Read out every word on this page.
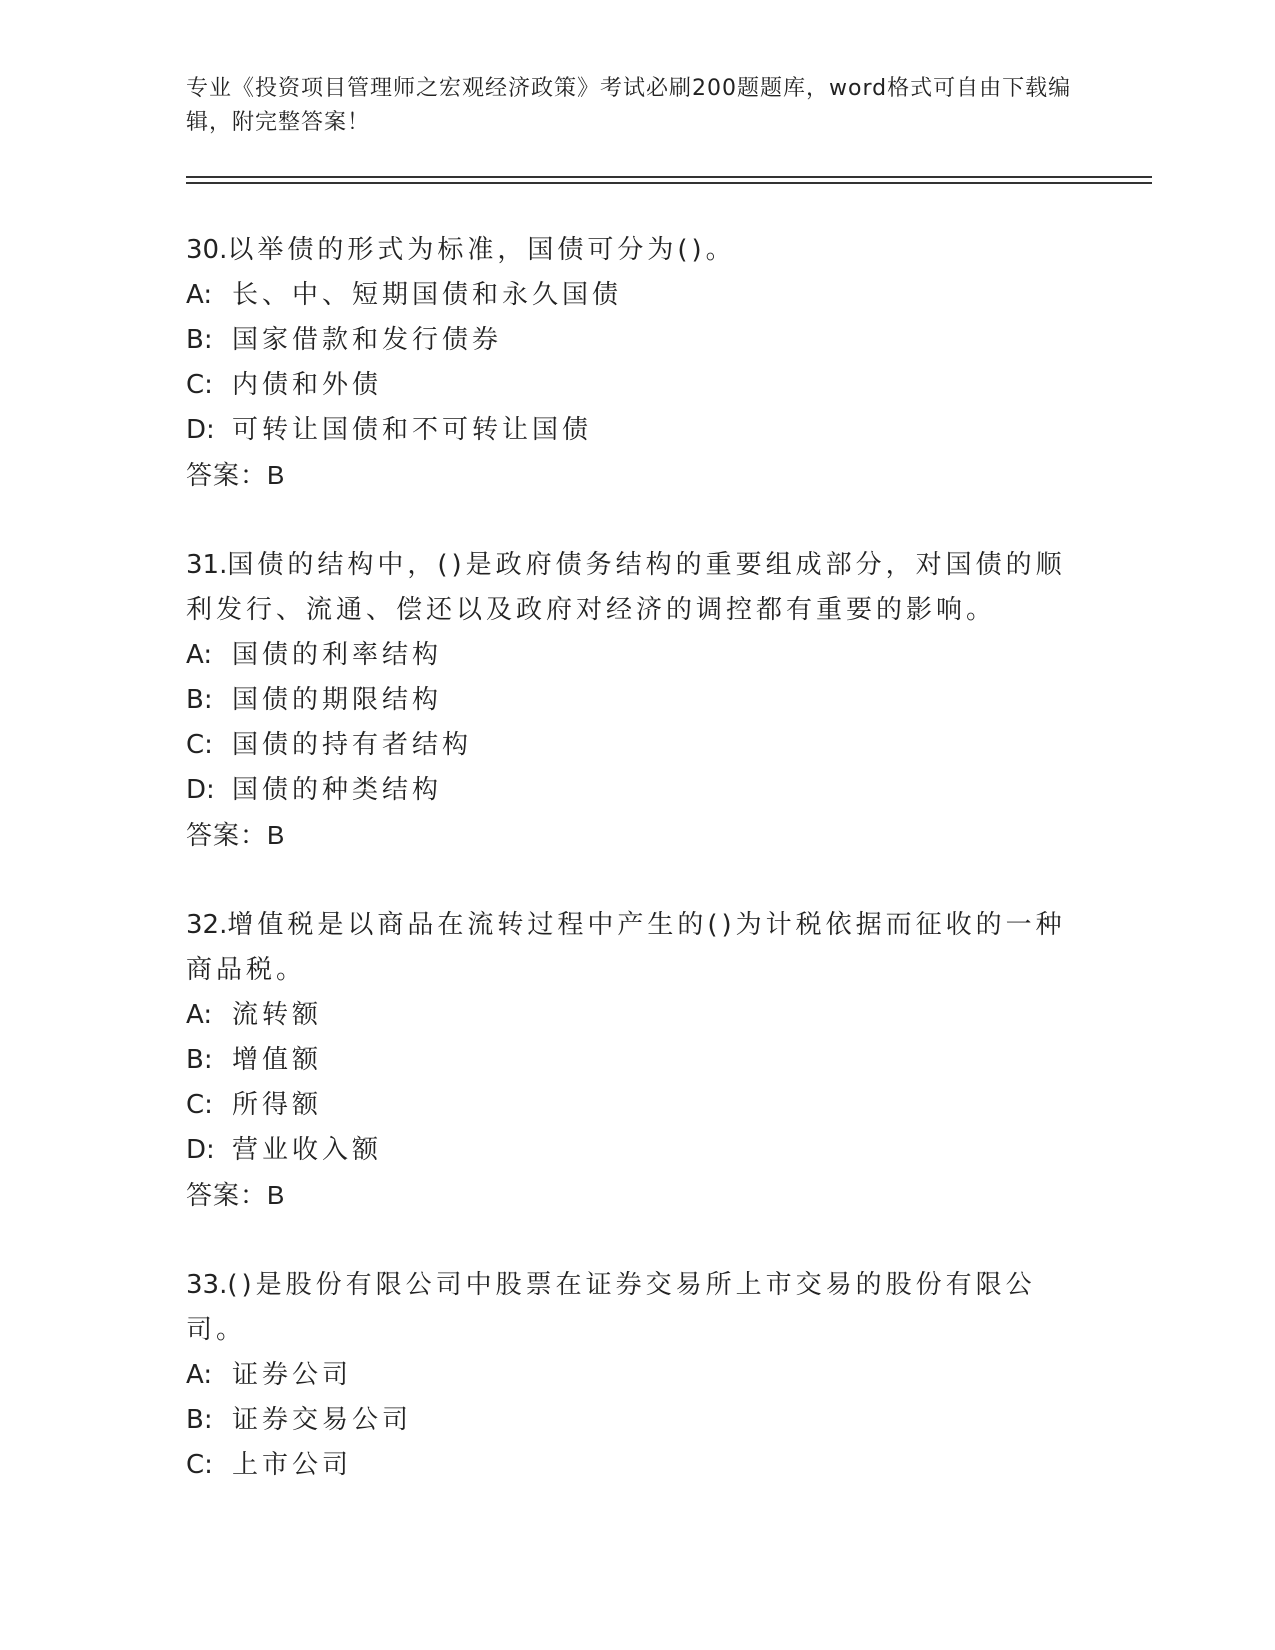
专业《投资项目管理师之宏观经济政策》考试必刷200题题库，word格式可自由下载编辑，附完整答案！

30.以举债的形式为标准，国债可分为()。

A: 长、中、短期国债和永久国债

B: 国家借款和发行债券

C: 内债和外债

D: 可转让国债和不可转让国债

答案：B

31.国债的结构中，()是政府债务结构的重要组成部分，对国债的顺利发行、流通、偿还以及政府对经济的调控都有重要的影响。

A: 国债的利率结构

B: 国债的期限结构

C: 国债的持有者结构

D: 国债的种类结构

答案：B

32.增值税是以商品在流转过程中产生的()为计税依据而征收的一种商品税。

A: 流转额

B: 增值额

C: 所得额

D: 营业收入额

答案：B

33.()是股份有限公司中股票在证券交易所上市交易的股份有限公司。

A: 证券公司

B: 证券交易公司

C: 上市公司
